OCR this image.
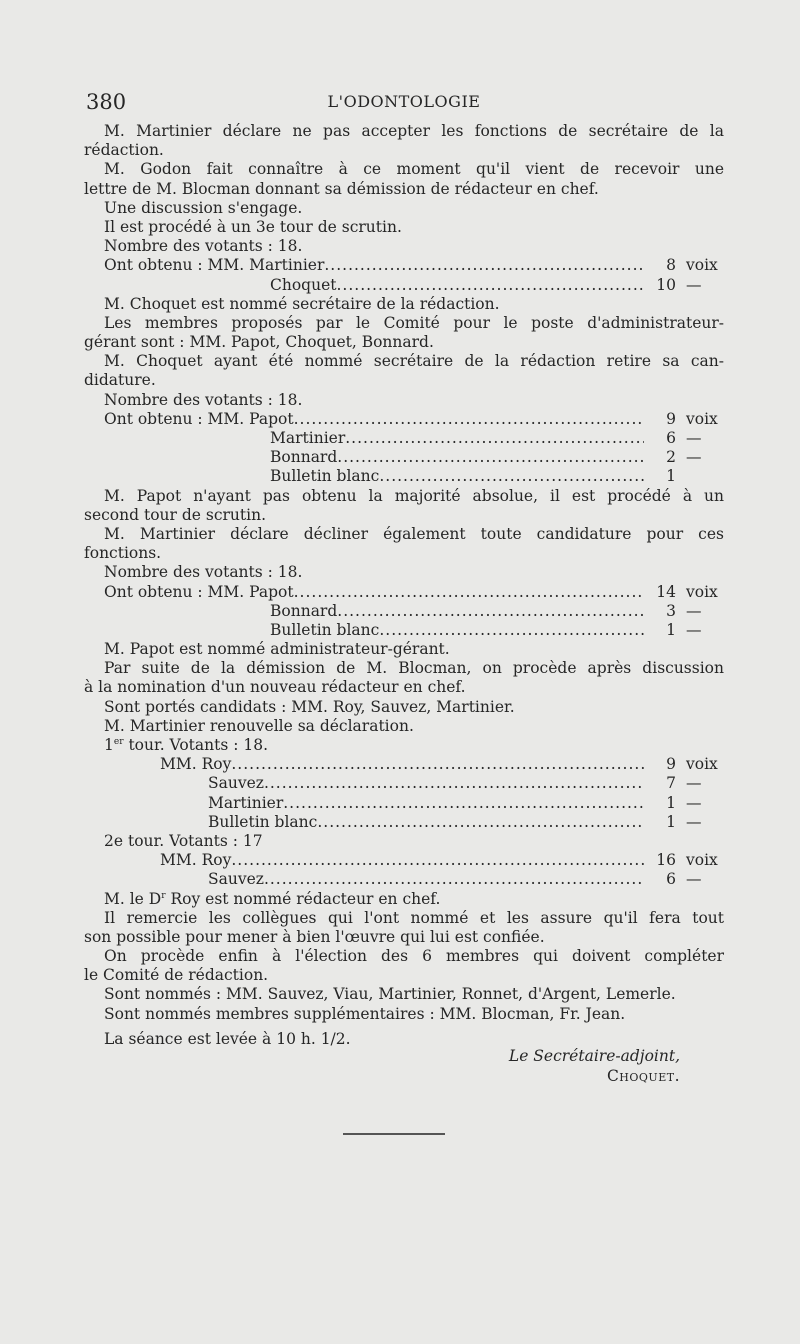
380	L'ODONTOLOGIE
M. Martinier déclare ne pas accepter les fonctions de secrétaire de la
rédaction.
M. Godon fait connaître à ce moment qu'il vient de recevoir une
lettre de M. Blocman donnant sa démission de rédacteur en chef.
Une discussion s'engage.
Il est procédé à un 3e tour de scrutin.
Nombre des votants : 18.
Ont obtenu : MM. Martinier .....	8 voix
Choquet .....	10 —
M. Choquet est nommé secrétaire de la rédaction.
Les membres proposés par le Comité pour le poste d'administrateur-
gérant sont : MM. Papot, Choquet, Bonnard.
M. Choquet ayant été nommé secrétaire de la rédaction retire sa can-
didature.
Nombre des votants : 18.
Ont obtenu : MM. Papot .....	9 voix
Martinier .....	6 —
Bonnard .....	2 —
Bulletin blanc .....	1
M. Papot n'ayant pas obtenu la majorité absolue, il est procédé à un
second tour de scrutin.
M. Martinier déclare décliner également toute candidature pour ces
fonctions.
Nombre des votants : 18.
Ont obtenu : MM. Papot .....	14 voix
Bonnard .....	3 —
Bulletin blanc .....	1 —
M. Papot est nommé administrateur-gérant.
Par suite de la démission de M. Blocman, on procède après discussion
à la nomination d'un nouveau rédacteur en chef.
Sont portés candidats : MM. Roy, Sauvez, Martinier.
M. Martinier renouvelle sa déclaration.
1er tour. Votants : 18.
MM. Roy .....	9 voix
Sauvez .....	7 —
Martinier .....	1 —
Bulletin blanc .....	1 —
2e tour. Votants : 17
MM. Roy .....	16 voix
Sauvez .....	6 —
M. le $D^r$ Roy est nommé rédacteur en chef.
Il remercie les collègues qui l'ont nommé et les assure qu'il fera tout
son possible pour mener à bien l'œuvre qui lui est confiée.
On procède enfin à l'élection des 6 membres qui doivent compléter
le Comité de rédaction.
Sont nommés : MM. Sauvez, Viau, Martinier, Ronnet, d'Argent, Lemerle.
Sont nommés membres supplémentaires : MM. Blocman, Fr. Jean.
La séance est levée à 10 h. 1/2.
Le Secrétaire-adjoint,
Choquet.
